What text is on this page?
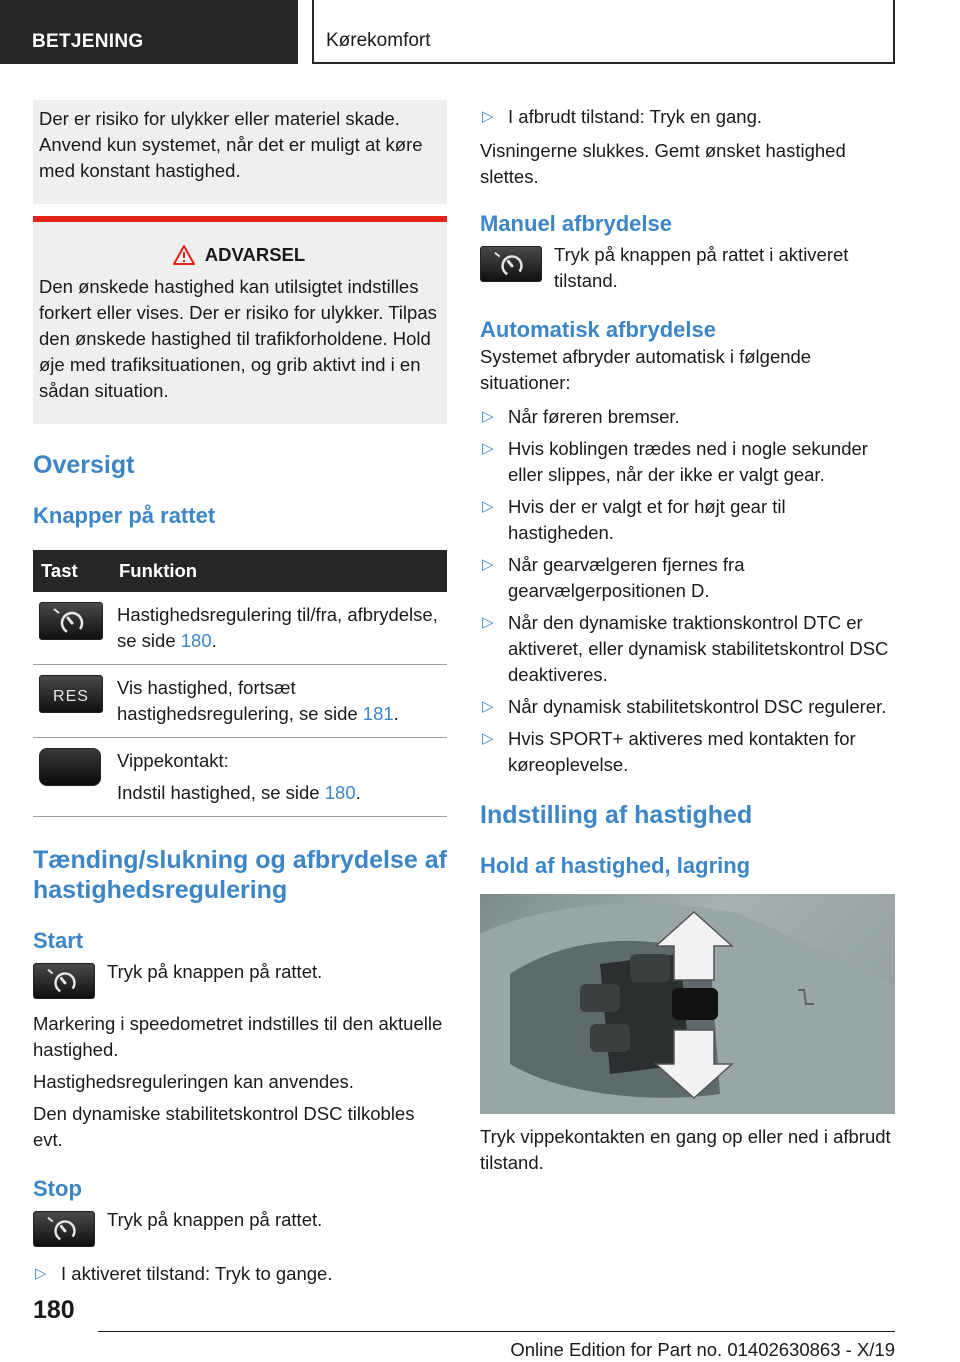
BETJENING	Kørekomfort

Der er risiko for ulykker eller materiel skade. Anvend kun systemet, når det er muligt at køre med konstant hastighed.

ADVARSEL

Den ønskede hastighed kan utilsigtet indstilles forkert eller vises. Der er risiko for ulykker. Tilpas den ønskede hastighed til trafikforholdene. Hold øje med trafiksituationen, og grib aktivt ind i en sådan situation.

Oversigt
Knapper på rattet
Tast	Funktion

	Hastighedsregulering til/fra, afbrydelse, se side 180.

RES	Vis hastighed, fortsæt hastighedsregulering, se side 181.

	Vippekontakt:
Indstil hastighed, se side 180.
Tænding/slukning og afbrydelse af hastighedsregulering
Start

Tryk på knappen på rattet.

Markering i speedometret indstilles til den aktuelle hastighed.

Hastighedsreguleringen kan anvendes.

Den dynamiske stabilitetskontrol DSC tilkobles evt.

Stop

Tryk på knappen på rattet.

▷ I aktiveret tilstand: Tryk to gange.
▷ I afbrudt tilstand: Tryk en gang.

Visningerne slukkes. Gemt ønsket hastighed slettes.

Manuel afbrydelse

Tryk på knappen på rattet i aktiveret tilstand.

Automatisk afbrydelse

Systemet afbryder automatisk i følgende situationer:

▷ Når føreren bremser.
▷ Hvis koblingen trædes ned i nogle sekunder eller slippes, når der ikke er valgt gear.
▷ Hvis der er valgt et for højt gear til hastigheden.
▷ Når gearvælgeren fjernes fra gearvælgerpositionen D.
▷ Når den dynamiske traktionskontrol DTC er aktiveret, eller dynamisk stabilitetskontrol DSC deaktiveres.
▷ Når dynamisk stabilitetskontrol DSC regulerer.
▷ Hvis SPORT+ aktiveres med kontakten for køreoplevelse.
Indstilling af hastighed
Hold af hastighed, lagring

Tryk vippekontakten en gang op eller ned i afbrudt tilstand.

180
Online Edition for Part no. 01402630863 - X/19
